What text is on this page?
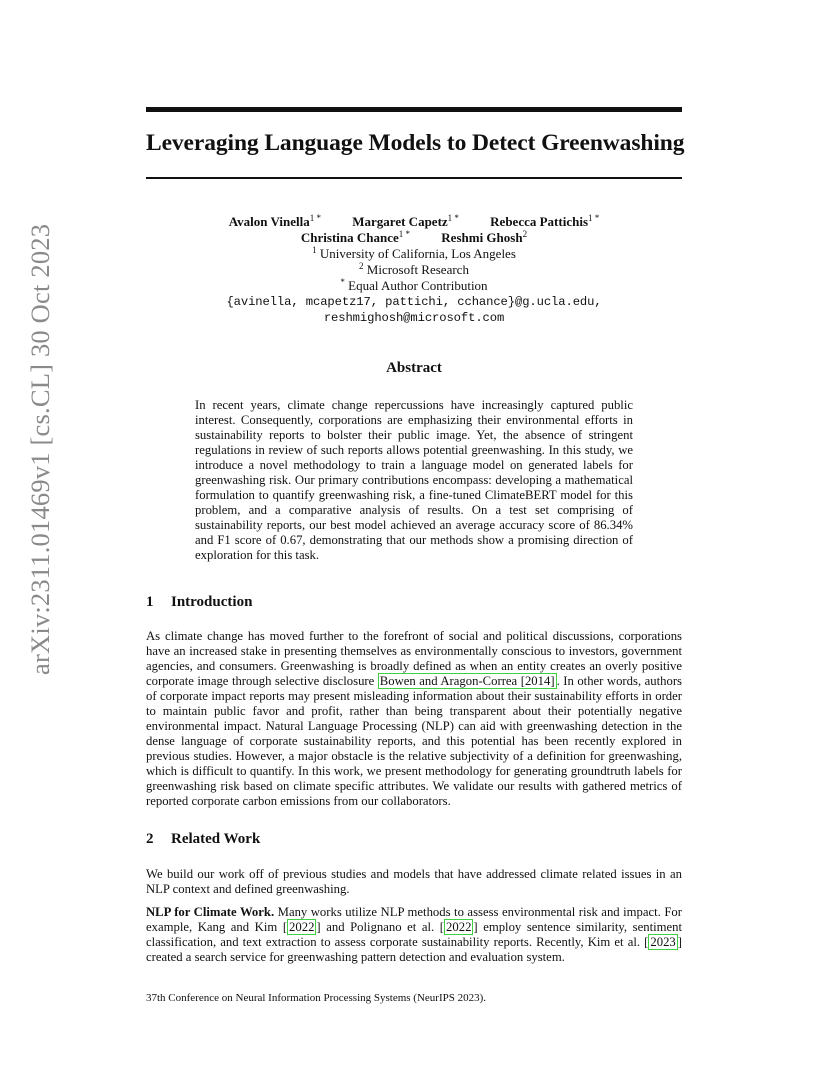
arXiv:2311.01469v1 [cs.CL] 30 Oct 2023
Leveraging Language Models to Detect Greenwashing
Avalon Vinella$^{1 *}$ Margaret Capetz$^{1 *}$ Rebecca Pattichis$^{1 *}$
Christina Chance$^{1 *}$ Reshmi Ghosh$^2$
$^1$ University of California, Los Angeles
$^2$ Microsoft Research
* Equal Author Contribution
{avinella, mcapetz17, pattichi, cchance}@g.ucla.edu,
reshmighosh@microsoft.com
Abstract
In recent years, climate change repercussions have increasingly captured public interest. Consequently, corporations are emphasizing their environmental efforts in sustainability reports to bolster their public image. Yet, the absence of stringent regulations in review of such reports allows potential greenwashing. In this study, we introduce a novel methodology to train a language model on generated labels for greenwashing risk. Our primary contributions encompass: developing a mathematical formulation to quantify greenwashing risk, a fine-tuned ClimateBERT model for this problem, and a comparative analysis of results. On a test set comprising of sustainability reports, our best model achieved an average accuracy score of 86.34% and F1 score of 0.67, demonstrating that our methods show a promising direction of exploration for this task.
1 Introduction
As climate change has moved further to the forefront of social and political discussions, corporations have an increased stake in presenting themselves as environmentally conscious to investors, government agencies, and consumers. Greenwashing is broadly defined as when an entity creates an overly positive corporate image through selective disclosure Bowen and Aragon-Correa [2014] . In other words, authors of corporate impact reports may present misleading information about their sustainability efforts in order to maintain public favor and profit, rather than being transparent about their potentially negative environmental impact. Natural Language Processing (NLP) can aid with greenwashing detection in the dense language of corporate sustainability reports, and this potential has been recently explored in previous studies. However, a major obstacle is the relative subjectivity of a definition for greenwashing, which is difficult to quantify. In this work, we present methodology for generating groundtruth labels for greenwashing risk based on climate specific attributes. We validate our results with gathered metrics of reported corporate carbon emissions from our collaborators.
2 Related Work
We build our work off of previous studies and models that have addressed climate related issues in an NLP context and defined greenwashing.
NLP for Climate Work. Many works utilize NLP methods to assess environmental risk and impact. For example, Kang and Kim [ 2022 ] and Polignano et al. [ 2022 ] employ sentence similarity, sentiment classification, and text extraction to assess corporate sustainability reports. Recently, Kim et al. [ 2023 ] created a search service for greenwashing pattern detection and evaluation system.
37th Conference on Neural Information Processing Systems (NeurIPS 2023).
